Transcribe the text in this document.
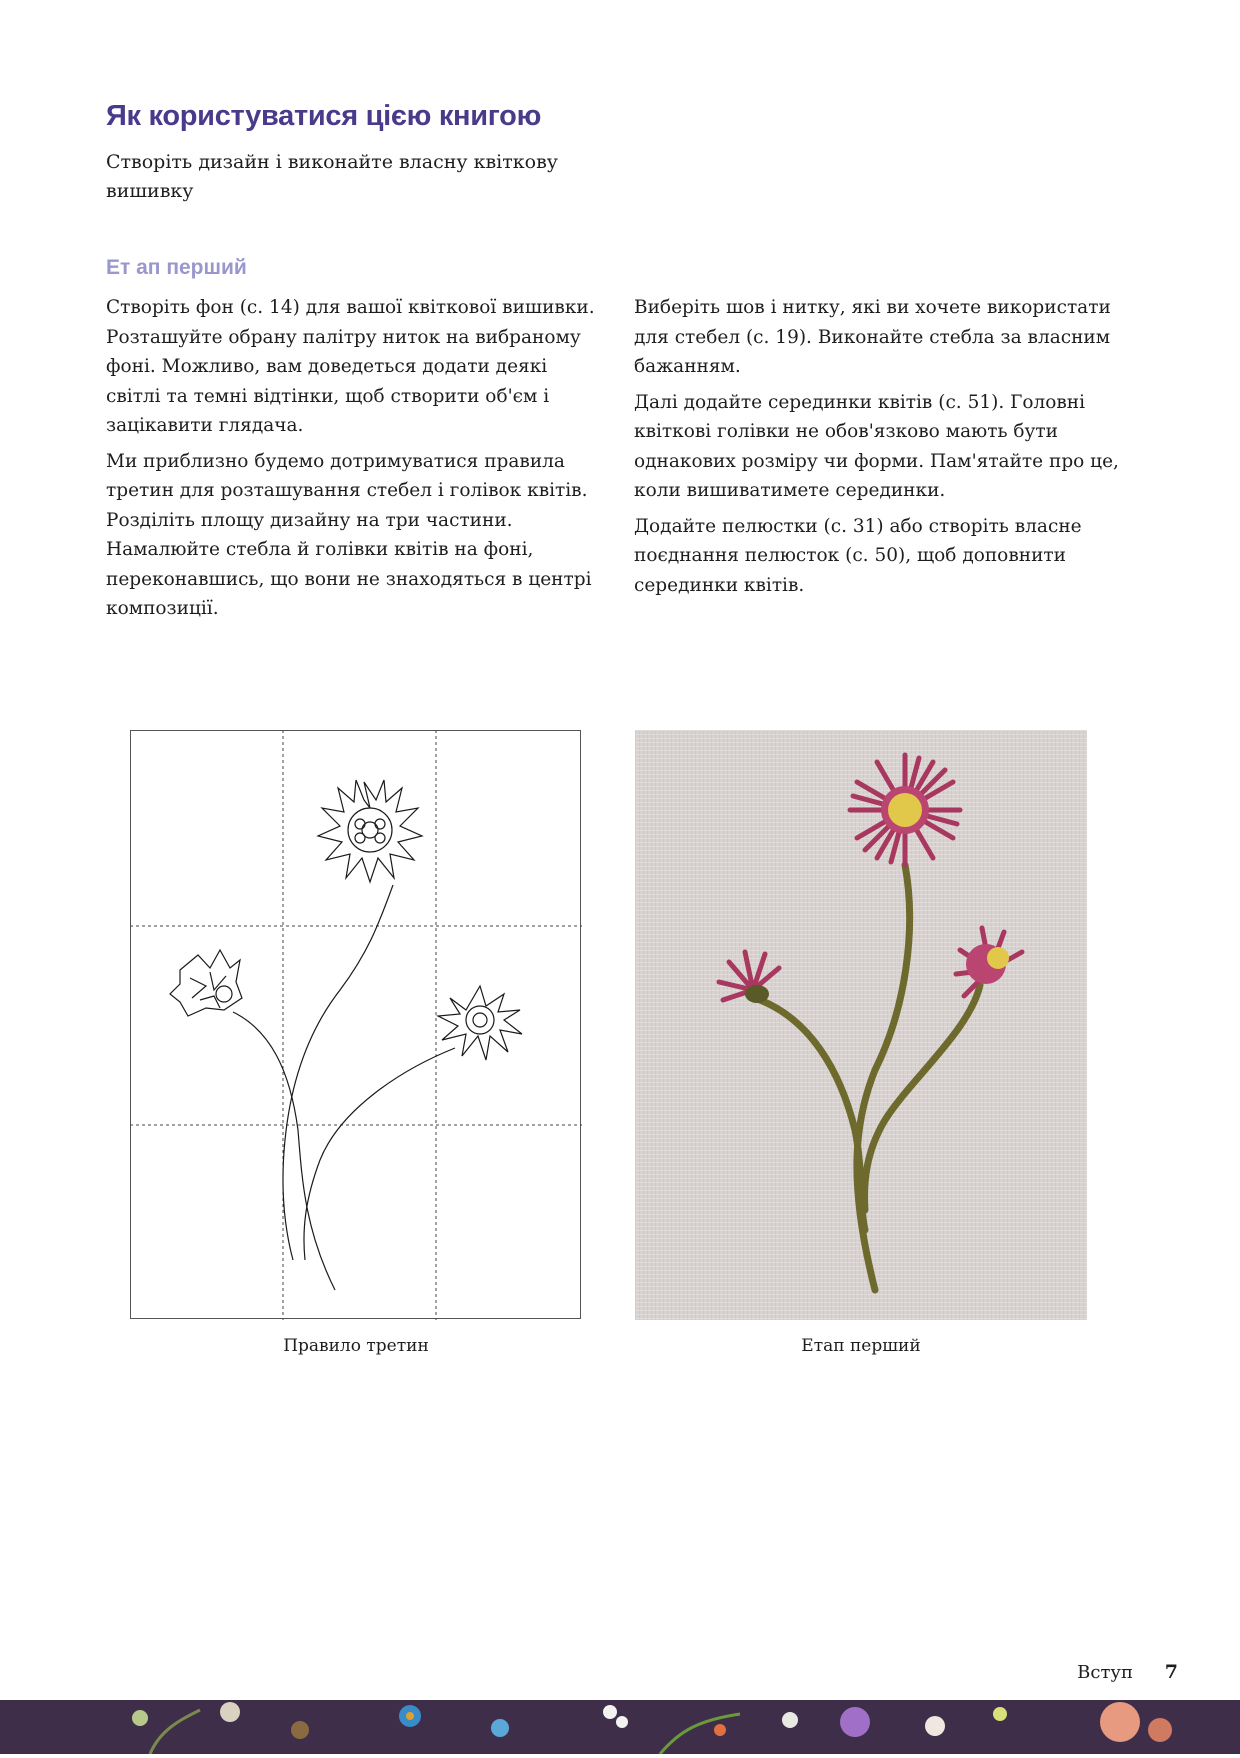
Як користуватися цією книгою
Створіть дизайн і виконайте власну квіткову вишивку
Ет ап перший

Створіть фон (с. 14) для вашої квіткової вишивки. Розташуйте обрану палітру ниток на вибраному фоні. Можливо, вам доведеться додати деякі світлі та темні відтінки, щоб створити об'єм і зацікавити глядача.

Ми приблизно будемо дотримуватися правила третин для розташування стебел і голівок квітів. Розділіть площу дизайну на три частини. Намалюйте стебла й голівки квітів на фоні, переконавшись, що вони не знаходяться в центрі композиції.

Виберіть шов і нитку, які ви хочете використати для стебел (с. 19). Виконайте стебла за власним бажанням.

Далі додайте серединки квітів (с. 51). Головні квіткові голівки не обов'язково мають бути однакових розміру чи форми. Пам'ятайте про це, коли вишиватимете серединки.

Додайте пелюстки (с. 31) або створіть власне поєднання пелюсток (с. 50), щоб доповнити серединки квітів.

Правило третин	Етап перший
Вступ 7
